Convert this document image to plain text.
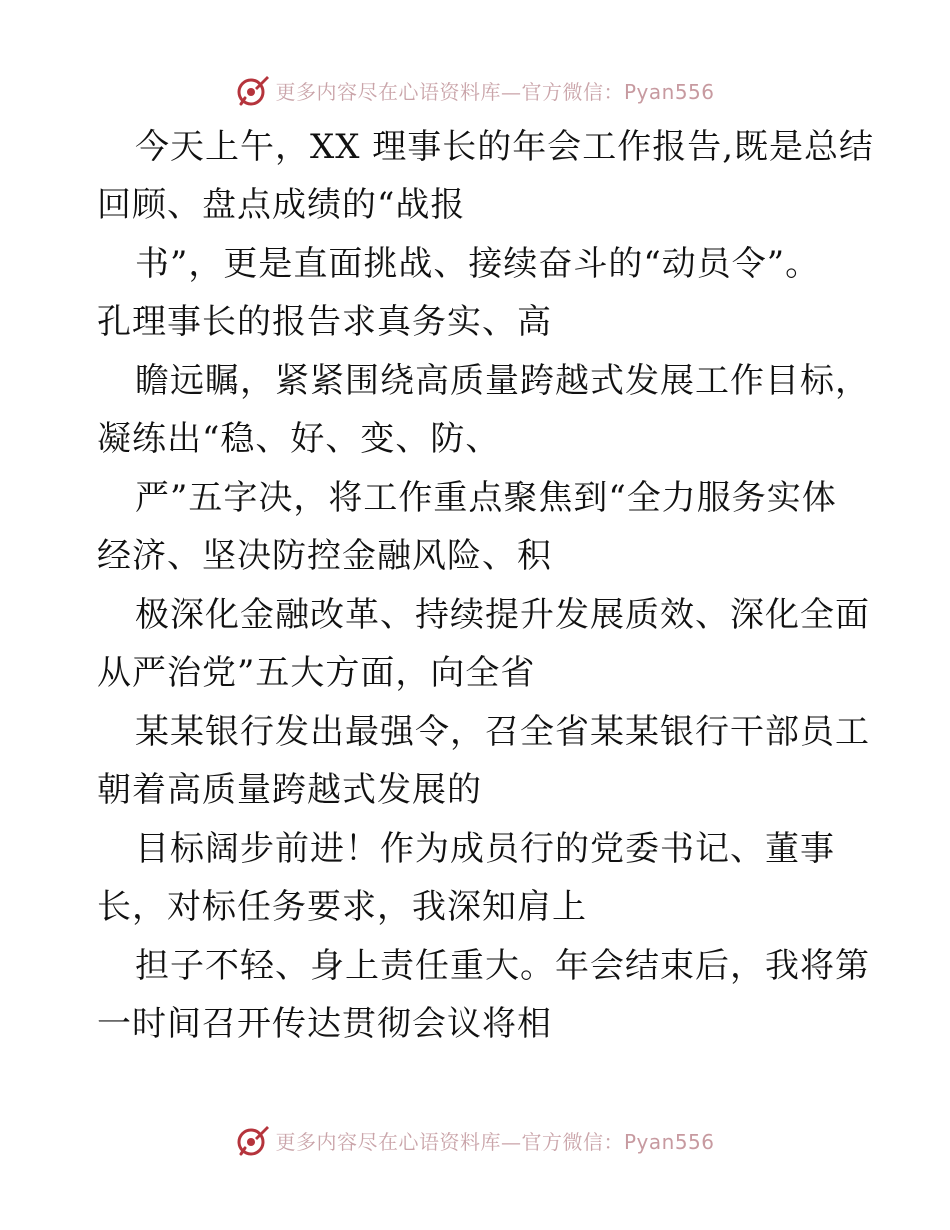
更多内容尽在心语资料库—官方微信：Pyan556
今天上午，XX 理事长的年会工作报告,既是总结
回顾、盘点成绩的“战报
书”，更是直面挑战、接续奋斗的“动员令”。
孔理事长的报告求真务实、高
瞻远瞩，紧紧围绕高质量跨越式发展工作目标，
凝练出“稳、好、变、防、
严”五字决，将工作重点聚焦到“全力服务实体
经济、坚决防控金融风险、积
极深化金融改革、持续提升发展质效、深化全面
从严治党”五大方面，向全省
某某银行发出最强令，召全省某某银行干部员工
朝着高质量跨越式发展的
目标阔步前进！作为成员行的党委书记、董事
长，对标任务要求，我深知肩上
担子不轻、身上责任重大。年会结束后，我将第
一时间召开传达贯彻会议将相
更多内容尽在心语资料库—官方微信：Pyan556
